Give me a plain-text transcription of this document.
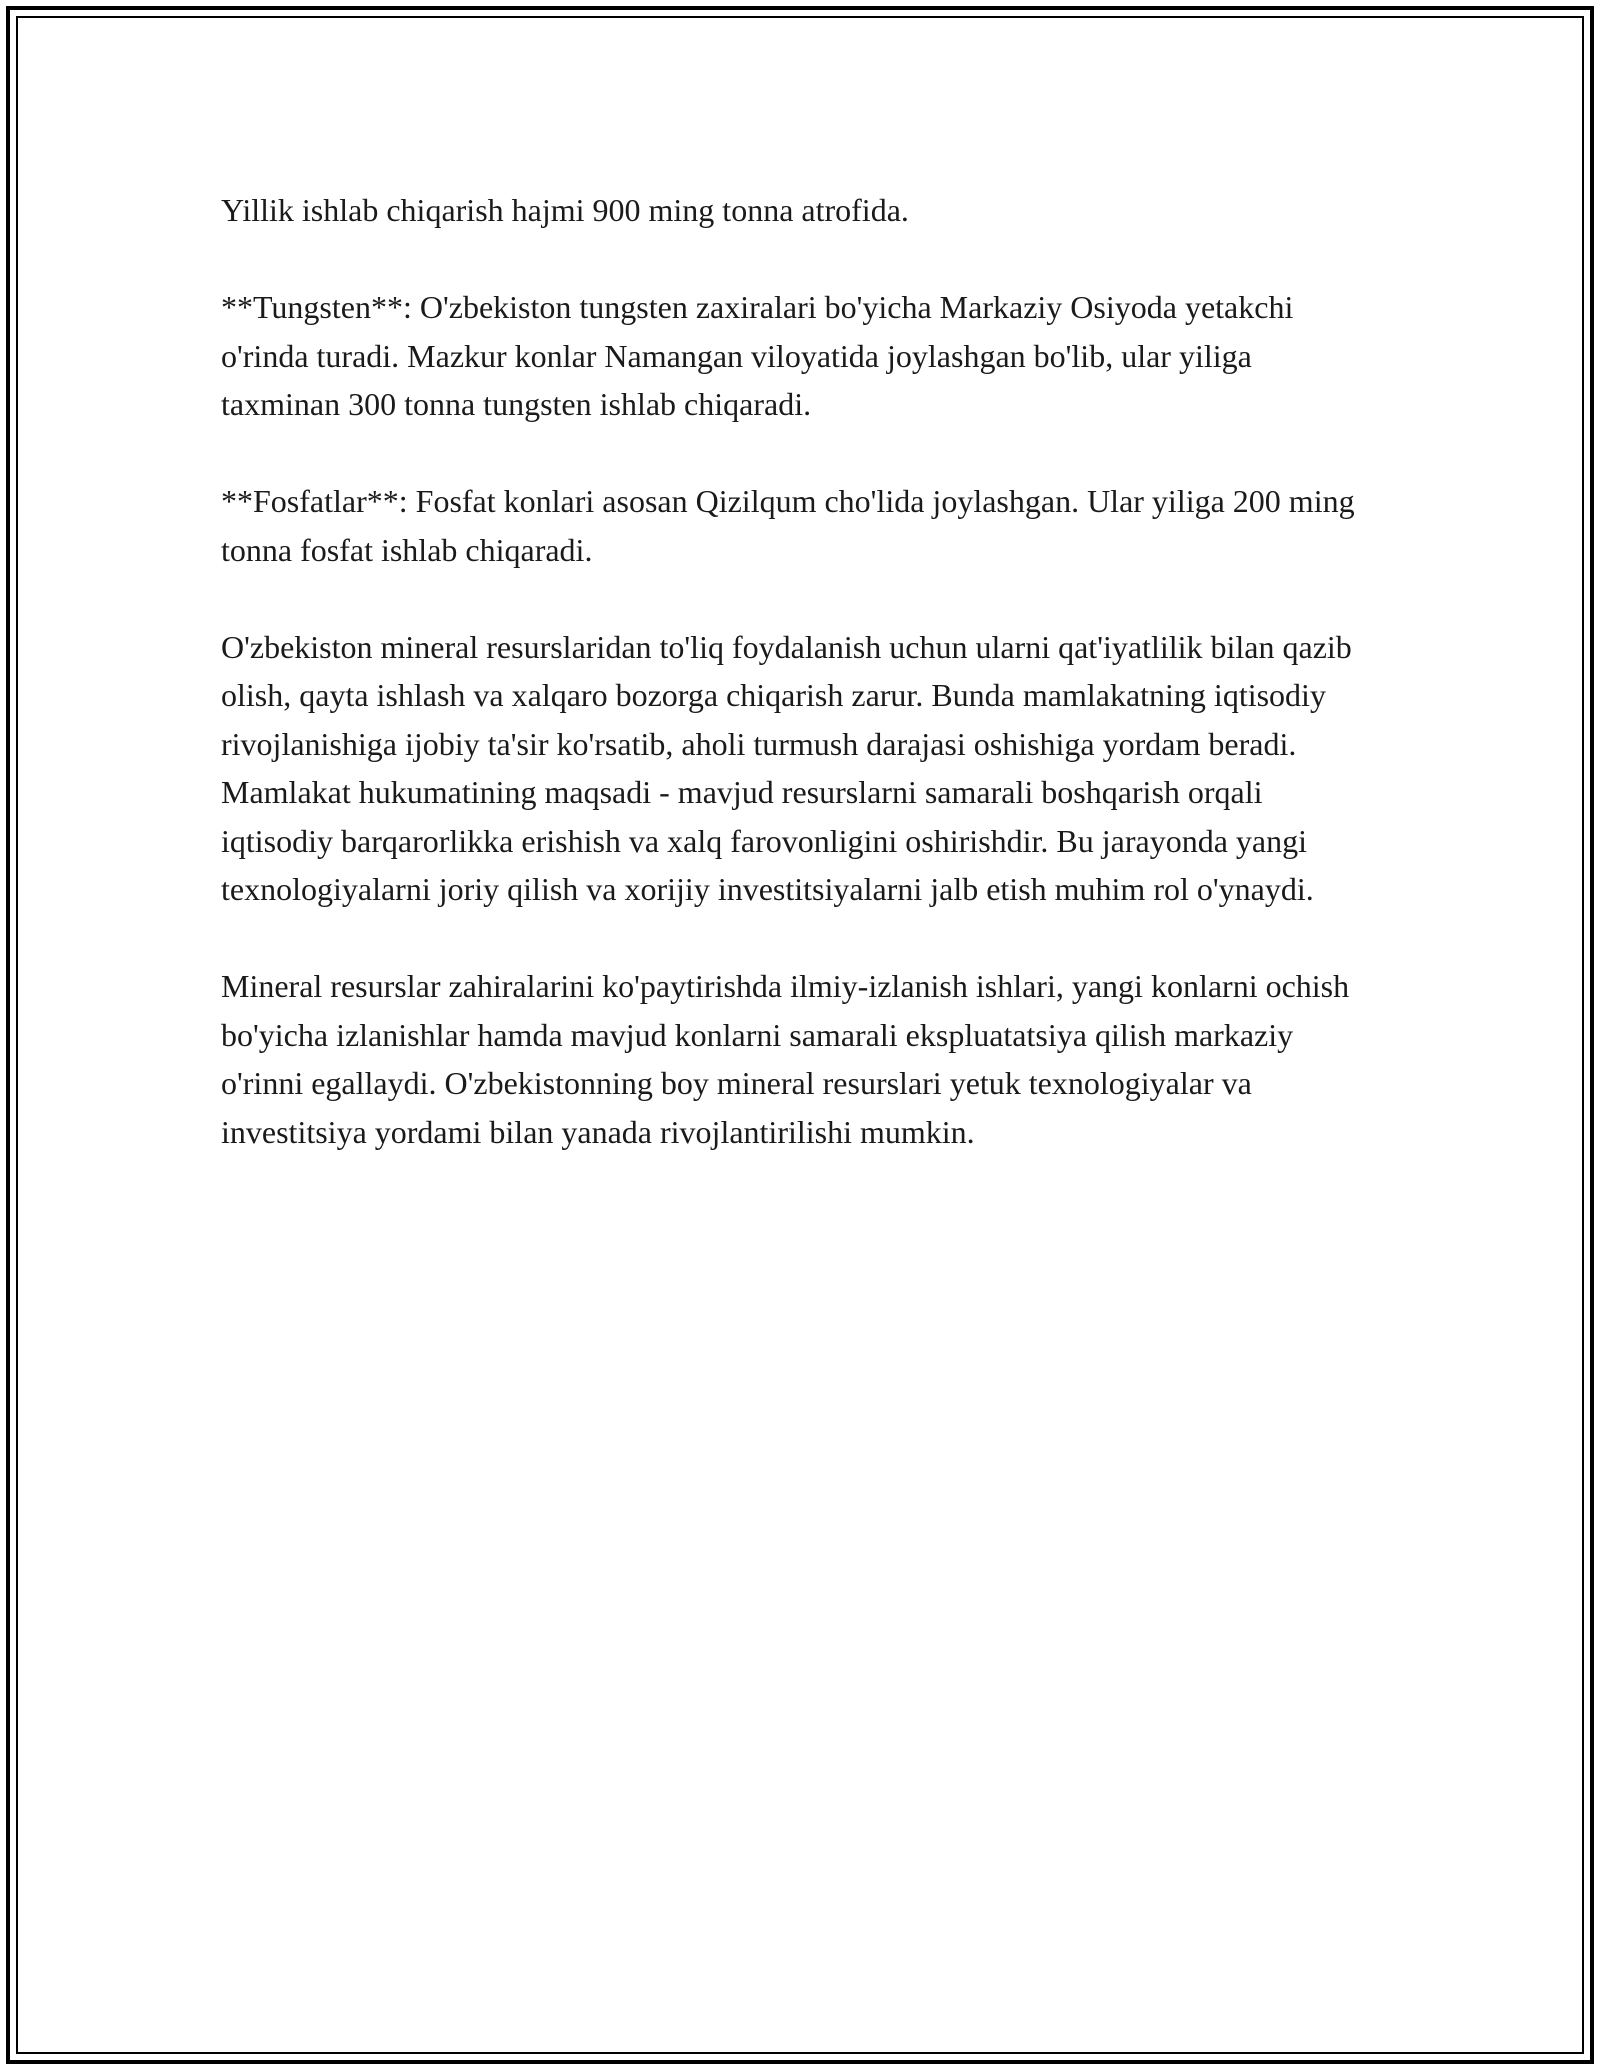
Yillik ishlab chiqarish hajmi 900 ming tonna atrofida.

**Tungsten**: O'zbekiston tungsten zaxiralari bo'yicha Markaziy Osiyoda yetakchi o'rinda turadi. Mazkur konlar Namangan viloyatida joylashgan bo'lib, ular yiliga taxminan 300 tonna tungsten ishlab chiqaradi.

**Fosfatlar**: Fosfat konlari asosan Qizilqum cho'lida joylashgan. Ular yiliga 200 ming tonna fosfat ishlab chiqaradi.

O'zbekiston mineral resurslaridan to'liq foydalanish uchun ularni qat'iyatlilik bilan qazib olish, qayta ishlash va xalqaro bozorga chiqarish zarur. Bunda mamlakatning iqtisodiy rivojlanishiga ijobiy ta'sir ko'rsatib, aholi turmush darajasi oshishiga yordam beradi. Mamlakat hukumatining maqsadi - mavjud resurslarni samarali boshqarish orqali iqtisodiy barqarorlikka erishish va xalq farovonligini oshirishdir. Bu jarayonda yangi texnologiyalarni joriy qilish va xorijiy investitsiyalarni jalb etish muhim rol o'ynaydi.

Mineral resurslar zahiralarini ko'paytirishda ilmiy-izlanish ishlari, yangi konlarni ochish bo'yicha izlanishlar hamda mavjud konlarni samarali ekspluatatsiya qilish markaziy o'rinni egallaydi. O'zbekistonning boy mineral resurslari yetuk texnologiyalar va investitsiya yordami bilan yanada rivojlantirilishi mumkin.
